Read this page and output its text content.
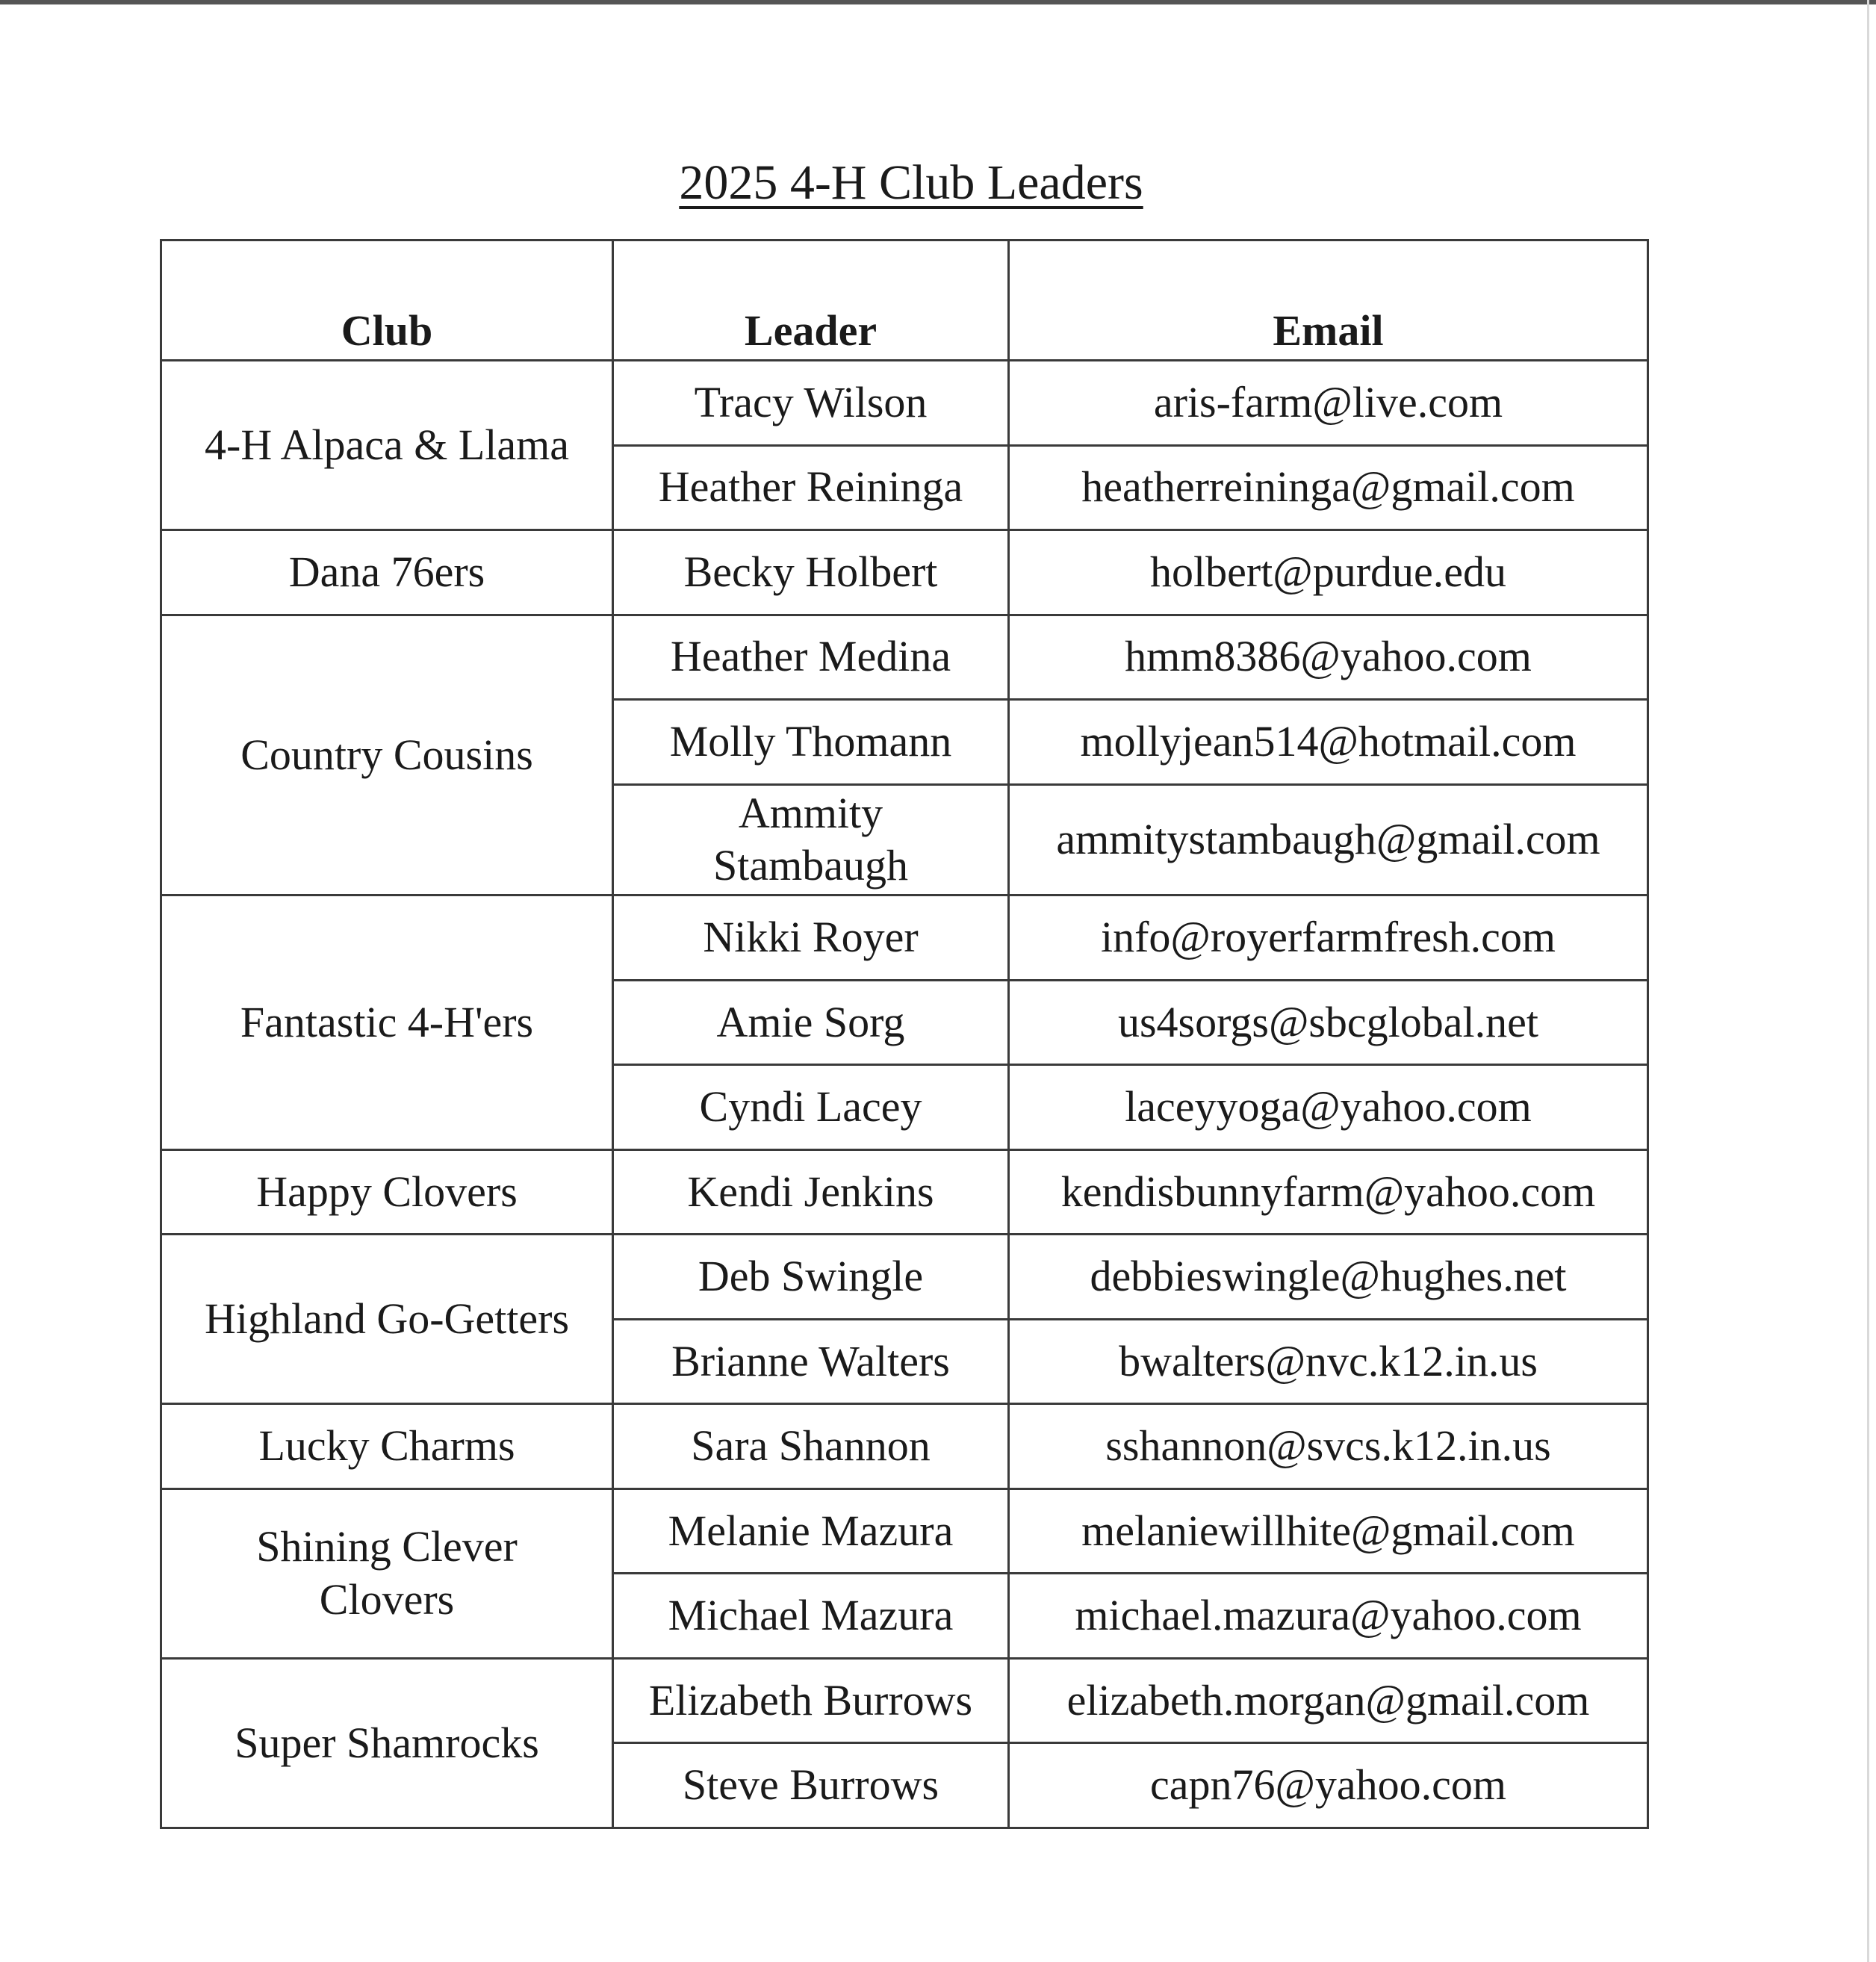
2025 4-H Club Leaders
Club	Leader	Email
4-H Alpaca & Llama	Tracy Wilson	aris-farm@live.com
	Heather Reininga	heatherreininga@gmail.com
Dana 76ers	Becky Holbert	holbert@purdue.edu
Country Cousins	Heather Medina	hmm8386@yahoo.com
	Molly Thomann	mollyjean514@hotmail.com
	Ammity Stambaugh	ammitystambaugh@gmail.com
Fantastic 4-H'ers	Nikki Royer	info@royerfarmfresh.com
	Amie Sorg	us4sorgs@sbcglobal.net
	Cyndi Lacey	laceyyoga@yahoo.com
Happy Clovers	Kendi Jenkins	kendisbunnyfarm@yahoo.com
Highland Go-Getters	Deb Swingle	debbieswingle@hughes.net
	Brianne Walters	bwalters@nvc.k12.in.us
Lucky Charms	Sara Shannon	sshannon@svcs.k12.in.us
Shining Clever Clovers	Melanie Mazura	melaniewillhite@gmail.com
	Michael Mazura	michael.mazura@yahoo.com
Super Shamrocks	Elizabeth Burrows	elizabeth.morgan@gmail.com
	Steve Burrows	capn76@yahoo.com
